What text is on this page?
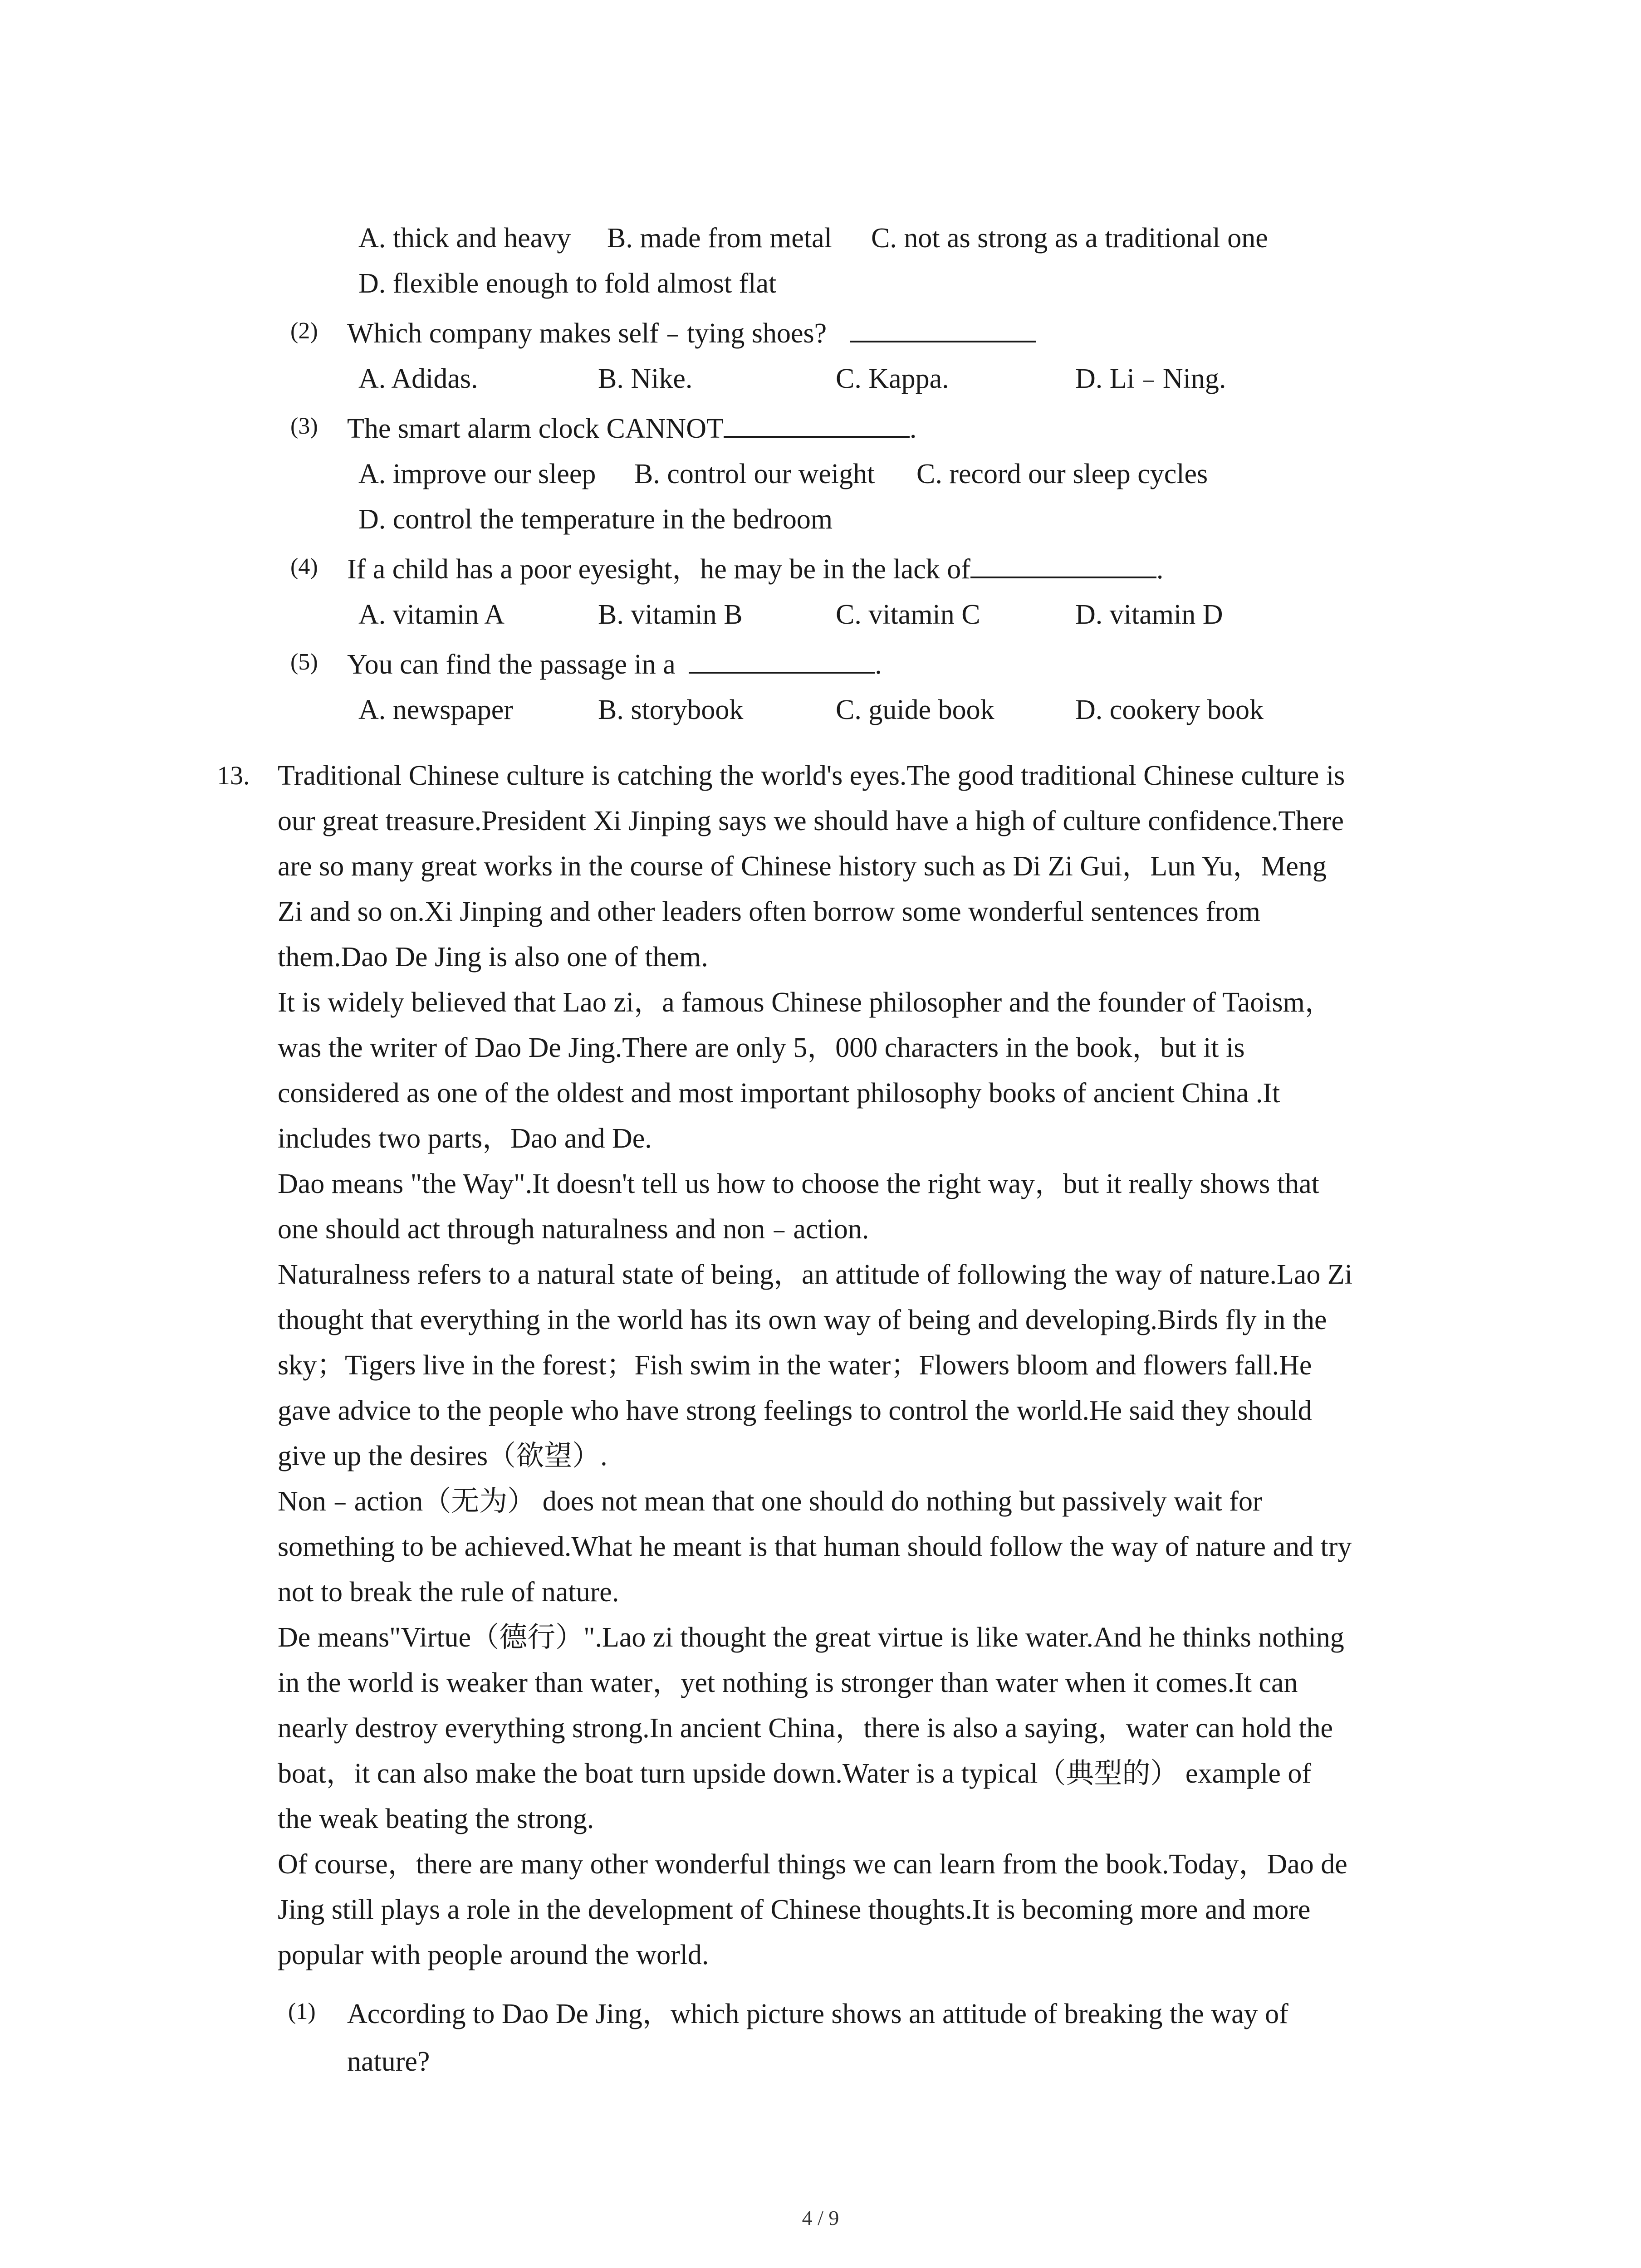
A. thick and heavy B. made from metal C. not as strong as a traditional one
D. flexible enough to fold almost flat
(2) Which company makes self﹣tying shoes?
A. Adidas.	B. Nike.	C. Kappa.	D. Li﹣Ning.
(3) The smart alarm clock CANNOT	.
A. improve our sleep B. control our weight C. record our sleep cycles
D. control the temperature in the bedroom
(4) If a child has a poor eyesight，he may be in the lack of	.
A. vitamin A	B. vitamin B	C. vitamin C	D. vitamin D
(5) You can find the passage in a	.
A. newspaper	B. storybook	C. guide book	D. cookery book
13. Traditional Chinese culture is catching the world's eyes.The good traditional Chinese culture is

our great treasure.President Xi Jinping says we should have a high of culture confidence.There

are so many great works in the course of Chinese history such as Di Zi Gui，Lun Yu，Meng

Zi and so on.Xi Jinping and other leaders often borrow some wonderful sentences from

them.Dao De Jing is also one of them.

It is widely believed that Lao zi，a famous Chinese philosopher and the founder of Taoism，

was the writer of Dao De Jing.There are only 5，000 characters in the book，but it is

considered as one of the oldest and most important philosophy books of ancient China .It

includes two parts，Dao and De.

Dao means "the Way".It doesn't tell us how to choose the right way，but it really shows that

one should act through naturalness and non﹣action.

Naturalness refers to a natural state of being，an attitude of following the way of nature.Lao Zi

thought that everything in the world has its own way of being and developing.Birds fly in the

sky；Tigers live in the forest；Fish swim in the water；Flowers bloom and flowers fall.He

gave advice to the people who have strong feelings to control the world.He said they should

give up the desires（欲望）.

Non﹣action（无为） does not mean that one should do nothing but passively wait for

something to be achieved.What he meant is that human should follow the way of nature and try

not to break the rule of nature.

De means"Virtue（德行）".Lao zi thought the great virtue is like water.And he thinks nothing

in the world is weaker than water，yet nothing is stronger than water when it comes.It can

nearly destroy everything strong.In ancient China，there is also a saying，water can hold the

boat，it can also make the boat turn upside down.Water is a typical（典型的） example of

the weak beating the strong.

Of course，there are many other wonderful things we can learn from the book.Today，Dao de

Jing still plays a role in the development of Chinese thoughts.It is becoming more and more

popular with people around the world.

(1) According to Dao De Jing，which picture shows an attitude of breaking the way of
nature?
4 / 9
